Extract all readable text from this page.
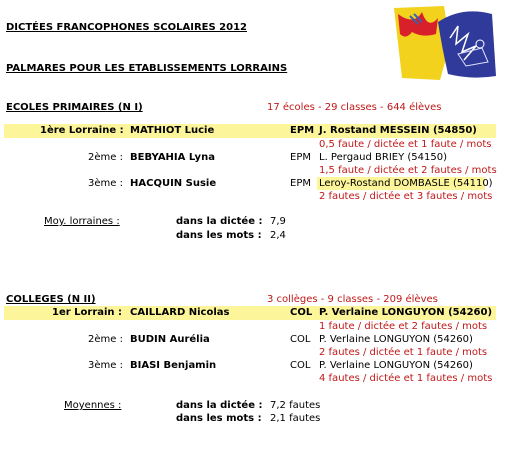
DICTÉES FRANCOPHONES SCOLAIRES 2012
PALMARES POUR LES ETABLISSEMENTS LORRAINS
ECOLES PRIMAIRES (N I)	17 écoles - 29 classes - 644 élèves
1ère Lorraine : MATHIOT Lucie	EPM J. Rostand MESSEIN (54850)
0,5 faute / dictée et 1 faute / mots
2ème : BEBYAHIA Lyna	EPM L. Pergaud BRIEY (54150)
1,5 faute / dictée et 2 fautes / mots
3ème : HACQUIN Susie	EPM Leroy-Rostand DOMBASLE (54110)
2 fautes / dictée et 3 fautes / mots
Moy. lorraines :	dans la dictée : 7,9
dans les mots : 2,4
COLLEGES (N II)	3 collèges - 9 classes - 209 élèves
1er Lorrain : CAILLARD Nicolas	COL P. Verlaine LONGUYON (54260)
1 faute / dictée et 2 fautes / mots
2ème : BUDIN Aurélia	COL P. Verlaine LONGUYON (54260)
2 fautes / dictée et 1 faute / mots
3ème : BIASI Benjamin	COL P. Verlaine LONGUYON (54260)
4 fautes / dictée et 1 fautes / mots
Moyennes :	dans la dictée : 7,2 fautes
dans les mots : 2,1 fautes
